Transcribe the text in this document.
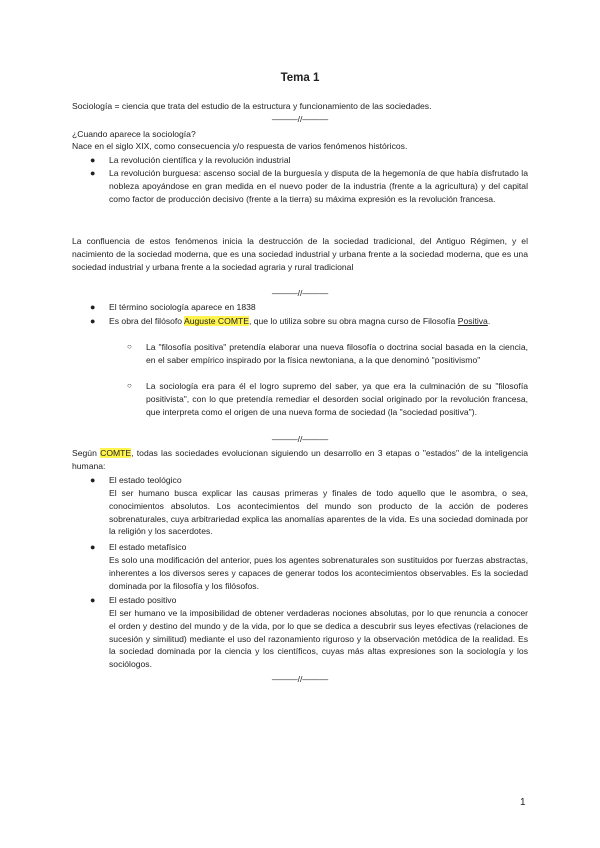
Tema 1
Sociología = ciencia que trata del estudio de la estructura y funcionamiento de las sociedades.
———//———
¿Cuando aparece la sociología?
Nace en el siglo XIX, como consecuencia y/o respuesta de varios fenómenos históricos.
● La revolución científica y la revolución industrial
● La revolución burguesa: ascenso social de la burguesía y disputa de la hegemonía de que había disfrutado la nobleza apoyándose en gran medida en el nuevo poder de la industria (frente a la agricultura) y del capital como factor de producción decisivo (frente a la tierra) su máxima expresión es la revolución francesa.
La confluencia de estos fenómenos inicia la destrucción de la sociedad tradicional, del Antiguo Régimen, y el nacimiento de la sociedad moderna, que es una sociedad industrial y urbana frente a la sociedad moderna, que es una sociedad industrial y urbana frente a la sociedad agraria y rural tradicional
———//———
● El término sociología aparece en 1838
● Es obra del filósofo Auguste COMTE, que lo utiliza sobre su obra magna curso de Filosofía Positiva.
○ La "filosofía positiva" pretendía elaborar una nueva filosofía o doctrina social basada en la ciencia, en el saber empírico inspirado por la física newtoniana, a la que denominó "positivismo"
○ La sociología era para él el logro supremo del saber, ya que era la culminación de su "filosofía positivista", con lo que pretendía remediar el desorden social originado por la revolución francesa, que interpreta como el origen de una nueva forma de sociedad (la "sociedad positiva").
———//———
Según COMTE, todas las sociedades evolucionan siguiendo un desarrollo en 3 etapas o "estados" de la inteligencia humana:
● El estado teológico
El ser humano busca explicar las causas primeras y finales de todo aquello que le asombra, o sea, conocimientos absolutos. Los acontecimientos del mundo son producto de la acción de poderes sobrenaturales, cuya arbitrariedad explica las anomalías aparentes de la vida. Es una sociedad dominada por la religión y los sacerdotes.
● El estado metafísico
Es solo una modificación del anterior, pues los agentes sobrenaturales son sustituidos por fuerzas abstractas, inherentes a los diversos seres y capaces de generar todos los acontecimientos observables. Es la sociedad dominada por la filosofía y los filósofos.
● El estado positivo
El ser humano ve la imposibilidad de obtener verdaderas nociones absolutas, por lo que renuncia a conocer el orden y destino del mundo y de la vida, por lo que se dedica a descubrir sus leyes efectivas (relaciones de sucesión y similitud) mediante el uso del razonamiento riguroso y la observación metódica de la realidad. Es la sociedad dominada por la ciencia y los científicos, cuyas más altas expresiones son la sociología y los sociólogos.
———//———
1
